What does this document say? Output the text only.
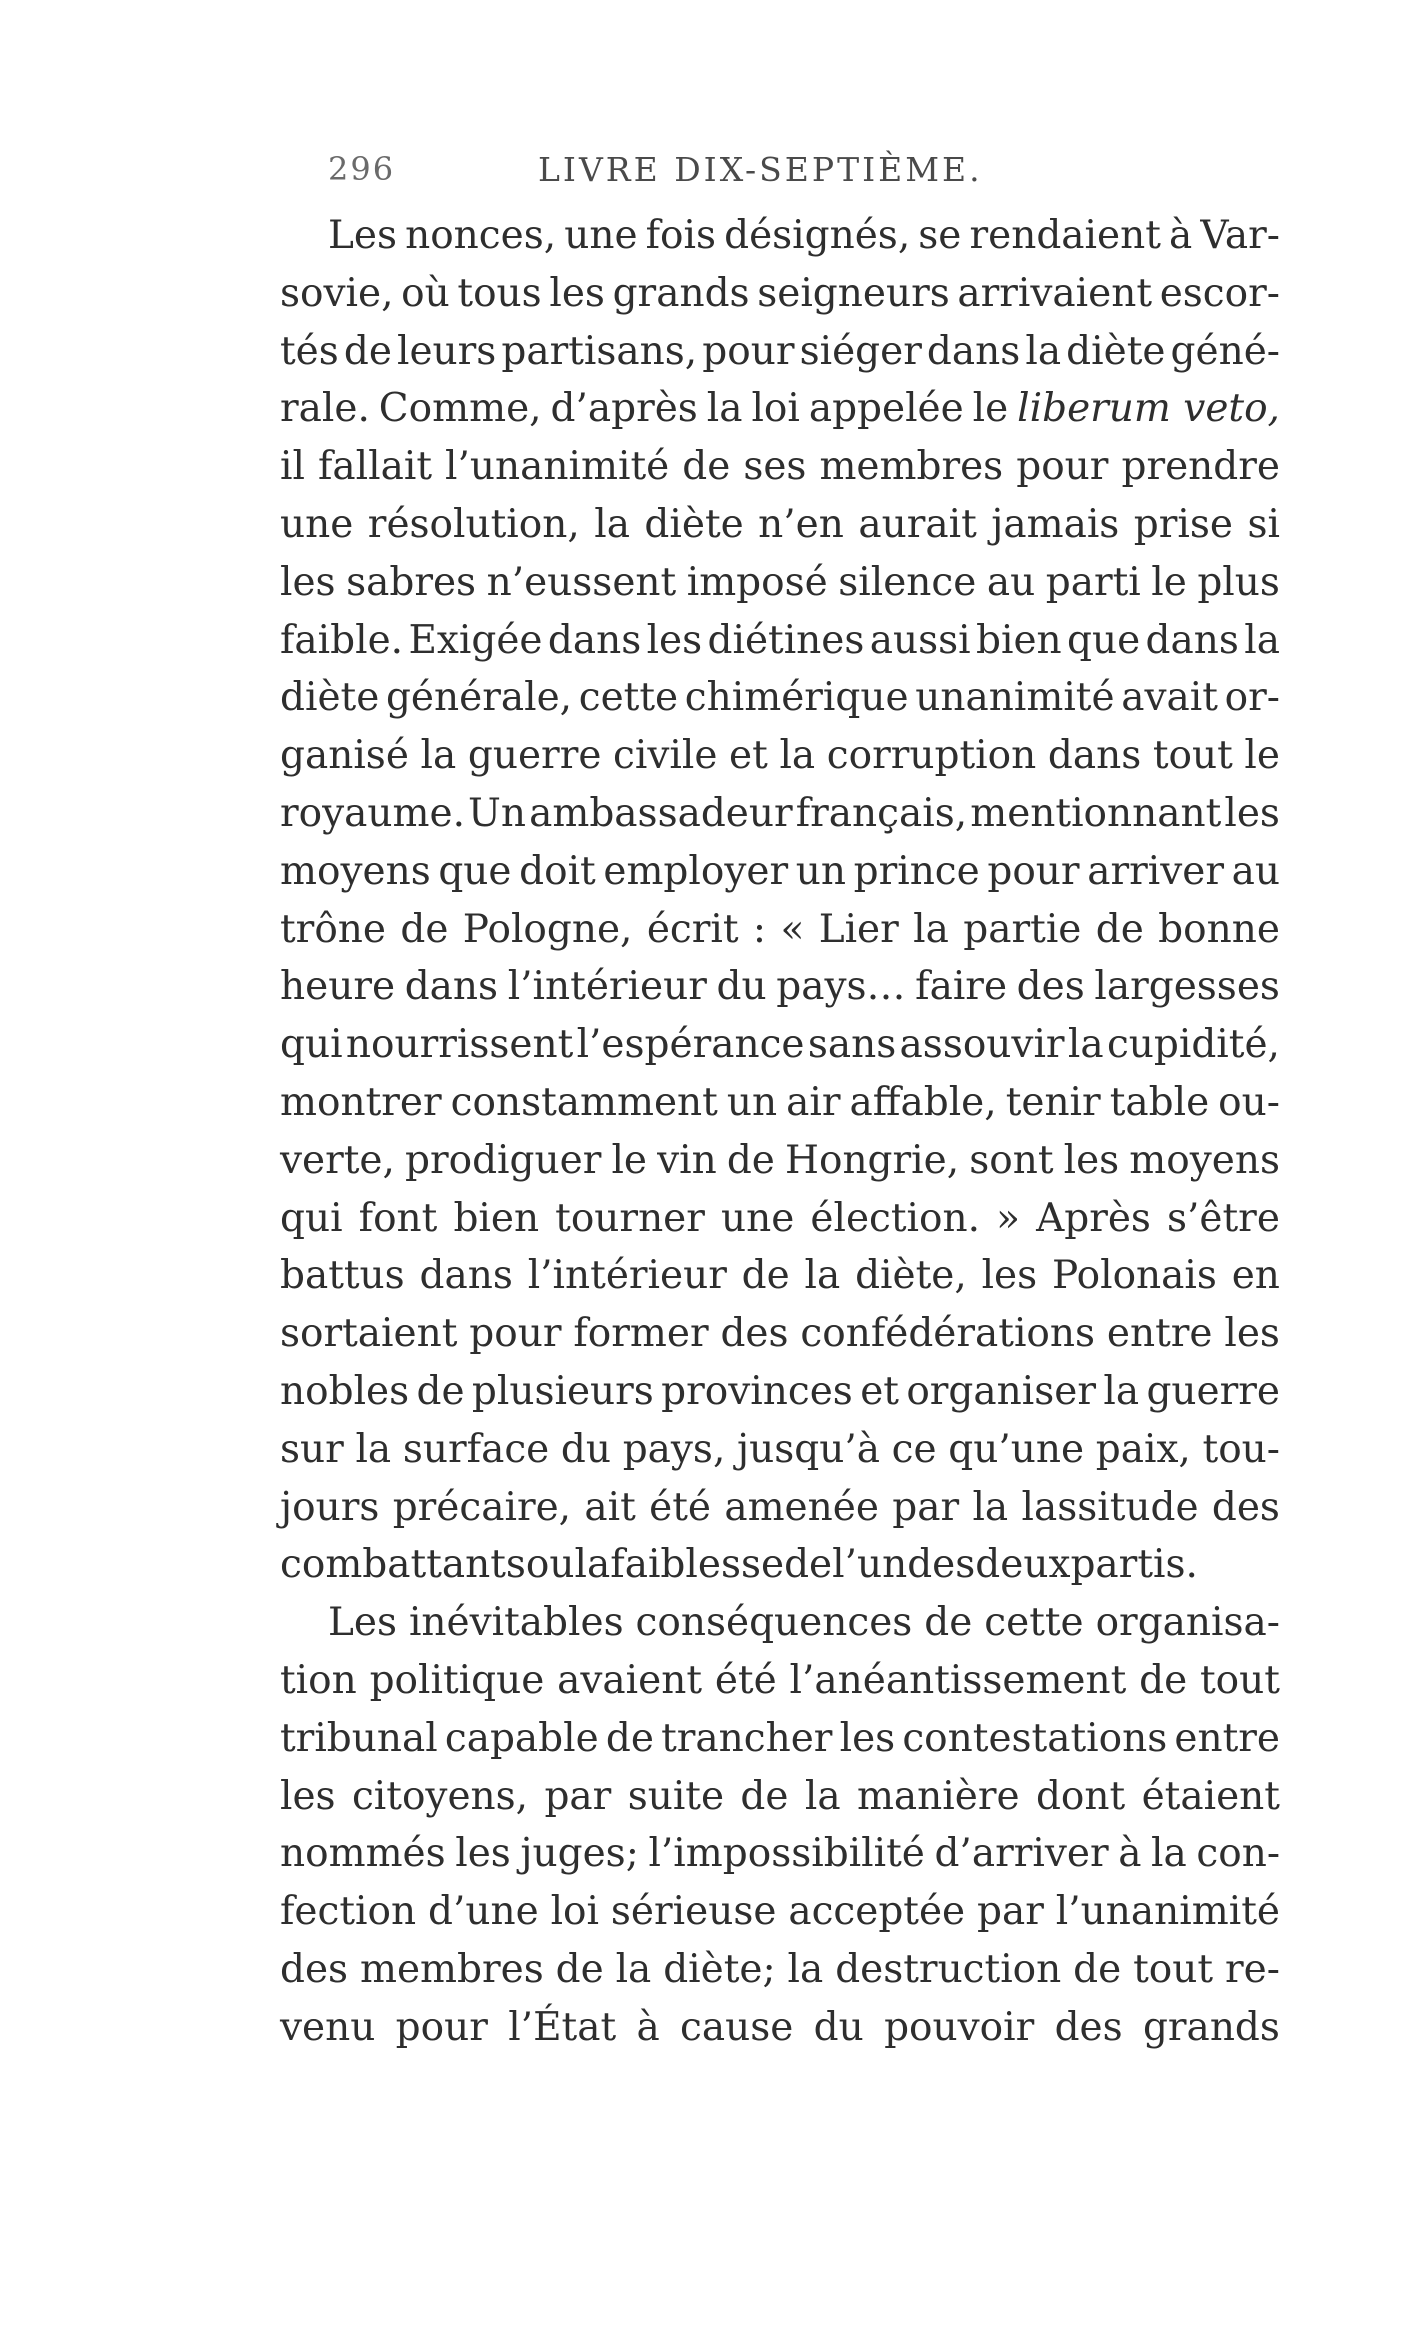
296	LIVRE DIX-SEPTIÈME.
Les nonces, une fois désignés, se rendaient à Var-
sovie, où tous les grands seigneurs arrivaient escor-
tés de leurs partisans, pour siéger dans la diète géné-
rale. Comme, d’après la loi appelée le liberum veto,
il fallait l’unanimité de ses membres pour prendre
une résolution, la diète n’en aurait jamais prise si
les sabres n’eussent imposé silence au parti le plus
faible. Exigée dans les diétines aussi bien que dans la
diète générale, cette chimérique unanimité avait or-
ganisé la guerre civile et la corruption dans tout le
royaume. Un ambassadeur français, mentionnant les
moyens que doit employer un prince pour arriver au
trône de Pologne, écrit : « Lier la partie de bonne
heure dans l’intérieur du pays… faire des largesses
qui nourrissent l’espérance sans assouvir la cupidité,
montrer constamment un air affable, tenir table ou-
verte, prodiguer le vin de Hongrie, sont les moyens
qui font bien tourner une élection. » Après s’être
battus dans l’intérieur de la diète, les Polonais en
sortaient pour former des confédérations entre les
nobles de plusieurs provinces et organiser la guerre
sur la surface du pays, jusqu’à ce qu’une paix, tou-
jours précaire, ait été amenée par la lassitude des
combattants ou la faiblesse de l’un des deux partis.
Les inévitables conséquences de cette organisa-
tion politique avaient été l’anéantissement de tout
tribunal capable de trancher les contestations entre
les citoyens, par suite de la manière dont étaient
nommés les juges; l’impossibilité d’arriver à la con-
fection d’une loi sérieuse acceptée par l’unanimité
des membres de la diète; la destruction de tout re-
venu pour l’État à cause du pouvoir des grands
